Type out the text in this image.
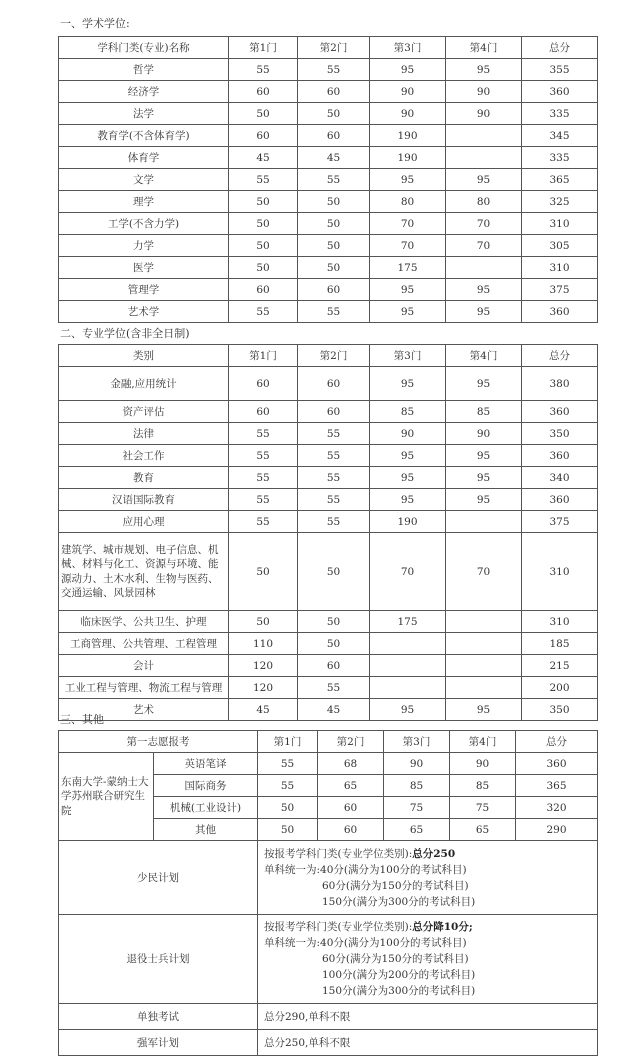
一、学术学位:
学科门类(专业)名称	第1门	第2门	第3门	第4门	总分
哲学	55	55	95	95	355
经济学	60	60	90	90	360
法学	50	50	90	90	335
教育学(不含体育学)	60	60	190		345
体育学	45	45	190		335
文学	55	55	95	95	365
理学	50	50	80	80	325
工学(不含力学)	50	50	70	70	310
力学	50	50	70	70	305
医学	50	50	175		310
管理学	60	60	95	95	375
艺术学	55	55	95	95	360
二、专业学位(含非全日制)
类别	第1门	第2门	第3门	第4门	总分
金融,应用统计	60	60	95	95	380
资产评估	60	60	85	85	360
法律	55	55	90	90	350
社会工作	55	55	95	95	360
教育	55	55	95	95	340
汉语国际教育	55	55	95	95	360
应用心理	55	55	190		375
建筑学、城市规划、电子信息、机械、材料与化工、资源与环境、能源动力、土木水利、生物与医药、交通运输、风景园林	50	50	70	70	310
临床医学、公共卫生、护理	50	50	175		310
工商管理、公共管理、工程管理	110	50			185
会计	120	60			215
工业工程与管理、物流工程与管理	120	55			200
艺术	45	45	95	95	350
三、其他
第一志愿报考		第1门	第2门	第3门	第4门	总分
东南大学-蒙纳士大学苏州联合研究生院	英语笔译	55	68	90	90	360
	国际商务	55	65	85	85	365
	机械(工业设计)	50	60	75	75	320
	其他	50	60	65	65	290
少民计划		按报考学科门类(专业学位类别):总分250
单科统一为:40分(满分为100分的考试科目)
60分(满分为150分的考试科目)
150分(满分为300分的考试科目)				

退役士兵计划		按报考学科门类(专业学位类别):总分降10分;
单科统一为:40分(满分为100分的考试科目)
60分(满分为150分的考试科目)
100分(满分为200分的考试科目)
150分(满分为300分的考试科目)				

单独考试		总分290,单科不限				
强军计划		总分250,单科不限				
